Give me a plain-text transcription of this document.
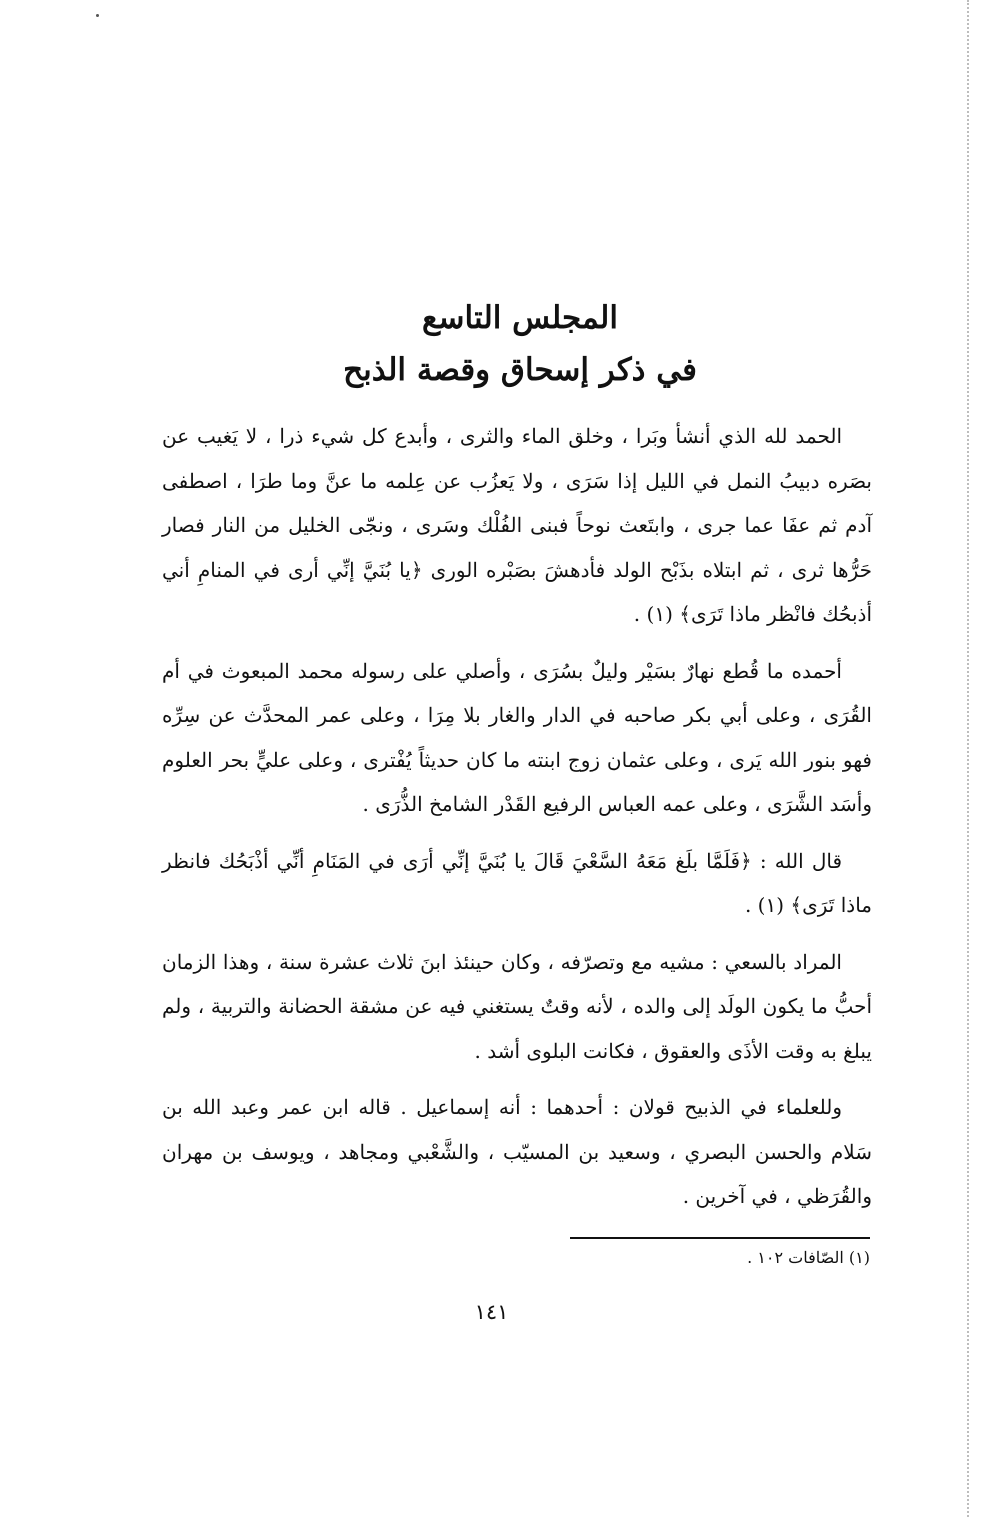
المجلس التاسع
في ذكر إسحاق وقصة الذبح

الحمد لله الذي أنشأ وبَرا ، وخلق الماء والثرى ، وأبدع كل شيء ذرا ، لا يَغيب عن بصَره دبيبُ النمل في الليل إذا سَرَى ، ولا يَعزُب عن عِلمه ما عنَّ وما طرَا ، اصطفى آدم ثم عفَا عما جرى ، وابتَعث نوحاً فبنى الفُلْك وسَرى ، ونجّى الخليل من النار فصار حَرُّها ثرى ، ثم ابتلاه بذَبْح الولد فأدهشَ بصَبْره الورى ﴿يا بُنَيَّ إنِّي أرى في المنامِ أني أذبحُك فانْظر ماذا تَرَى﴾ (١) .

أحمده ما قُطع نهارٌ بسَيْر وليلٌ بسُرَى ، وأصلي على رسوله محمد المبعوث في أم القُرَى ، وعلى أبي بكر صاحبه في الدار والغار بلا مِرَا ، وعلى عمر المحدَّث عن سِرِّه فهو بنور الله يَرى ، وعلى عثمان زوج ابنته ما كان حديثاً يُفْترى ، وعلى عليٍّ بحر العلوم وأسَد الشَّرَى ، وعلى عمه العباس الرفيع القَدْر الشامخ الذُّرَى .

قال الله : ﴿فَلَمَّا بلَغ مَعَهُ السَّعْيَ قَالَ يا بُنَيَّ إنِّي أرَى في المَنَامِ أنِّي أذْبَحُك فانظر ماذا تَرَى﴾ (١) .

المراد بالسعي : مشيه مع وتصرّفه ، وكان حينئذ ابنَ ثلاث عشرة سنة ، وهذا الزمان أحبُّ ما يكون الولَد إلى والده ، لأنه وقتٌ يستغني فيه عن مشقة الحضانة والتربية ، ولم يبلغ به وقت الأذَى والعقوق ، فكانت البلوى أشد .

وللعلماء في الذبيح قولان : أحدهما : أنه إسماعيل . قاله ابن عمر وعبد الله بن سَلام والحسن البصري ، وسعيد بن المسيّب ، والشَّعْبي ومجاهد ، ويوسف بن مهران والقُرَظي ، في آخرين .

(١) الصّافات ١٠٢ .
١٤١
